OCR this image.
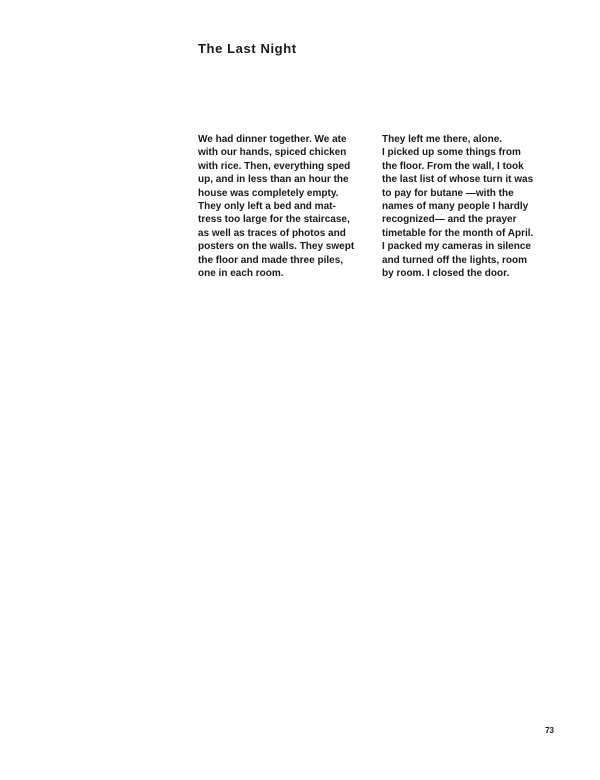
The Last Night
We had dinner together. We ate
with our hands, spiced chicken
with rice. Then, everything sped
up, and in less than an hour the
house was completely empty.
They only left a bed and mat-
tress too large for the staircase,
as well as traces of photos and
posters on the walls. They swept
the floor and made three piles,
one in each room.
They left me there, alone.
I picked up some things from
the floor. From the wall, I took
the last list of whose turn it was
to pay for butane —with the
names of many people I hardly
recognized— and the prayer
timetable for the month of April.
I packed my cameras in silence
and turned off the lights, room
by room. I closed the door.
73
